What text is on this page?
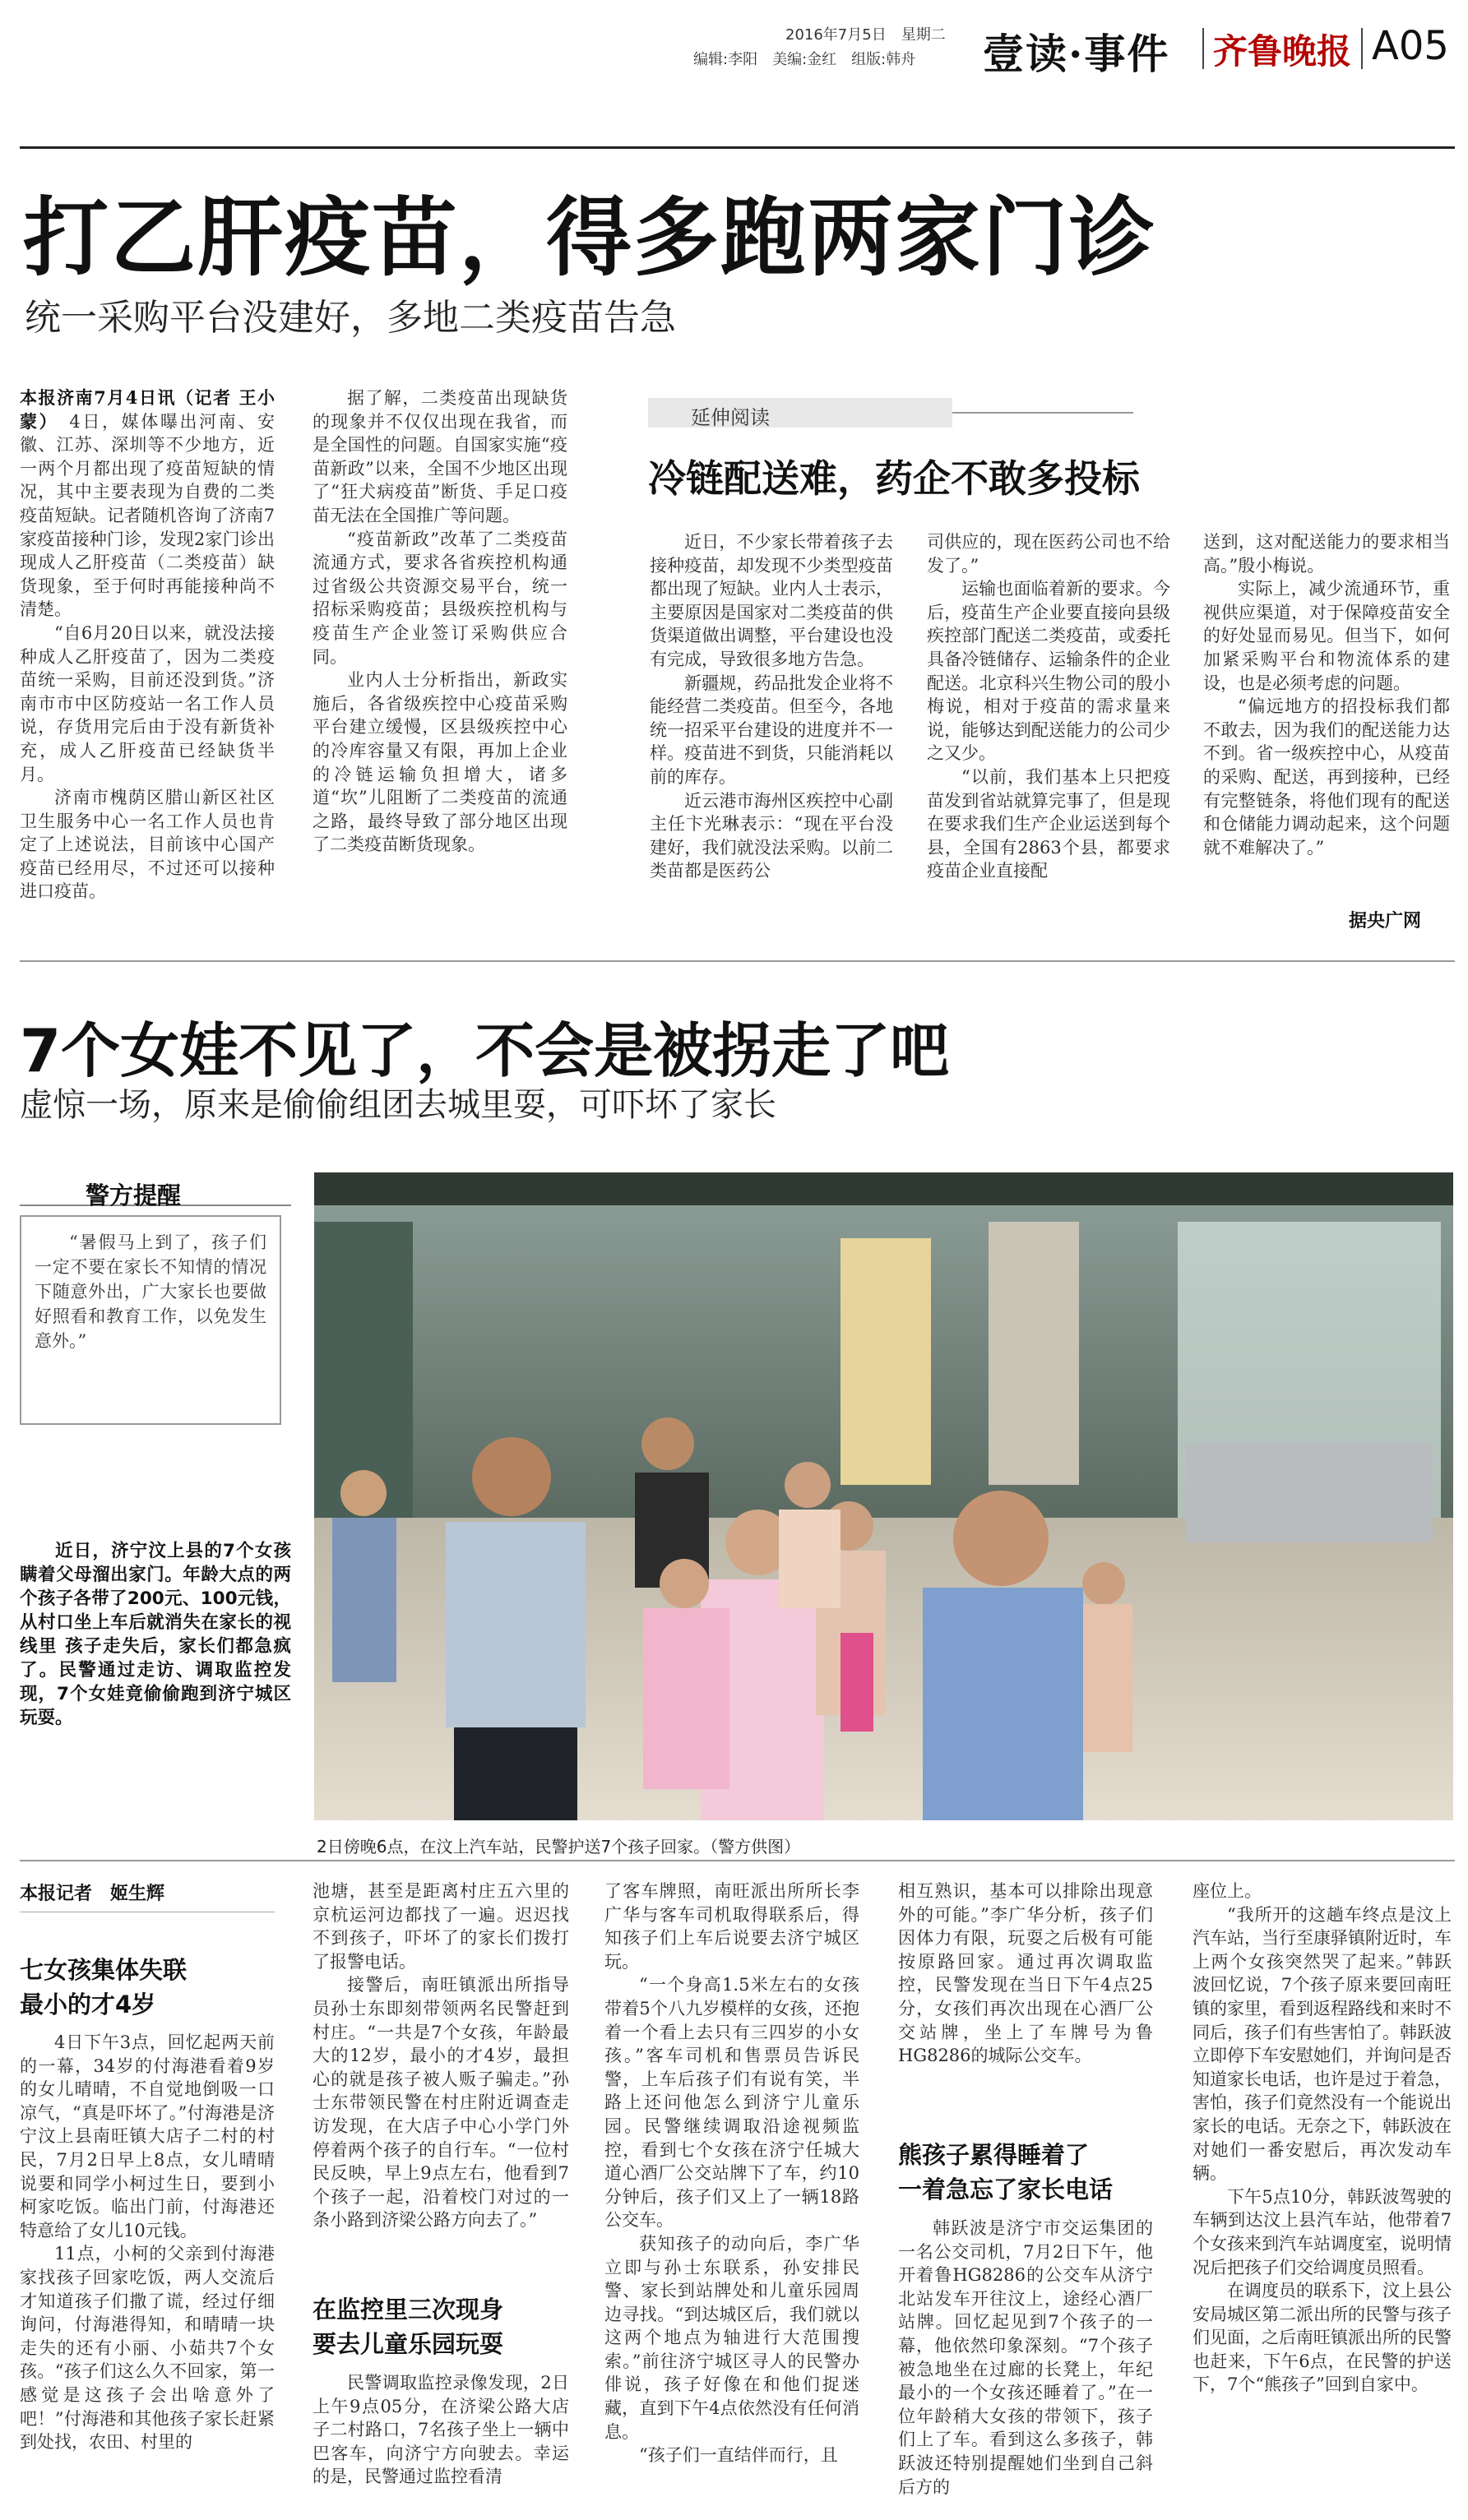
2016年7月5日　 星期二
编辑:李阳　美编:金红　组版:韩舟 壹读·事件 齐鲁晚报 A05
打乙肝疫苗，得多跑两家门诊
统一采购平台没建好，多地二类疫苗告急

本报济南7月4日讯（记者 王小蒙）　 4日，媒体曝出河南、安徽、江苏、深圳等不少地方，近一两个月都出现了疫苗短缺的情况，其中主要表现为自费的二类疫苗短缺。记者随机咨询了济南7家疫苗接种门诊，发现2家门诊出现成人乙肝疫苗（二类疫苗）缺货现象，至于何时再能接种尚不清楚。

“自6月20日以来，就没法接种成人乙肝疫苗了，因为二类疫苗统一采购，目前还没到货。”济南市市中区防疫站一名工作人员说，存货用完后由于没有新货补充，成人乙肝疫苗已经缺货半月。

济南市槐荫区腊山新区社区卫生服务中心一名工作人员也肯定了上述说法，目前该中心国产疫苗已经用尽，不过还可以接种进口疫苗。

据了解，二类疫苗出现缺货的现象并不仅仅出现在我省，而是全国性的问题。自国家实施“疫苗新政”以来，全国不少地区出现了“狂犬病疫苗”断货、手足口疫苗无法在全国推广等问题。

“疫苗新政”改革了二类疫苗流通方式，要求各省疾控机构通过省级公共资源交易平台，统一招标采购疫苗；县级疾控机构与疫苗生产企业签订采购供应合同。

业内人士分析指出，新政实施后，各省级疾控中心疫苗采购平台建立缓慢，区县级疾控中心的冷库容量又有限，再加上企业的冷链运输负担增大，诸多道“坎”儿阻断了二类疫苗的流通之路，最终导致了部分地区出现了二类疫苗断货现象。

延伸阅读
冷链配送难，药企不敢多投标

近日，不少家长带着孩子去接种疫苗，却发现不少类型疫苗都出现了短缺。业内人士表示，主要原因是国家对二类疫苗的供货渠道做出调整，平台建设也没有完成，导致很多地方告急。

新疆规，药品批发企业将不能经营二类疫苗。但至今，各地统一招采平台建设的进度并不一样。疫苗进不到货，只能消耗以前的库存。

近云港市海州区疾控中心副主任卞光琳表示：“现在平台没建好，我们就没法采购。以前二类苗都是医药公

司供应的，现在医药公司也不给发了。”

运输也面临着新的要求。今后，疫苗生产企业要直接向县级疾控部门配送二类疫苗，或委托具备冷链储存、运输条件的企业配送。北京科兴生物公司的殷小梅说，相对于疫苗的需求量来说，能够达到配送能力的公司少之又少。

“以前，我们基本上只把疫苗发到省站就算完事了，但是现在要求我们生产企业运送到每个县，全国有2863个县，都要求疫苗企业直接配

送到，这对配送能力的要求相当高。”殷小梅说。

实际上，减少流通环节，重视供应渠道，对于保障疫苗安全的好处显而易见。但当下，如何加紧采购平台和物流体系的建设，也是必须考虑的问题。

“偏远地方的招投标我们都不敢去，因为我们的配送能力达不到。省一级疾控中心，从疫苗的采购、配送，再到接种，已经有完整链条，将他们现有的配送和仓储能力调动起来，这个问题就不难解决了。”

据央广网
7个女娃不见了，不会是被拐走了吧
虚惊一场，原来是偷偷组团去城里耍，可吓坏了家长
警方提醒

“暑假马上到了，孩子们一定不要在家长不知情的情况下随意外出，广大家长也要做好照看和教育工作，以免发生意外。”

近日，济宁汶上县的7个女孩瞒着父母溜出家门。年龄大点的两个孩子各带了200元、100元钱，从村口坐上车后就消失在家长的视线里 孩子走失后，家长们都急疯了。民警通过走访、调取监控发现，7个女娃竟偷偷跑到济宁城区玩耍。

2日傍晚6点，在汶上汽车站，民警护送7个孩子回家。（警方供图）
本报记者　姬生辉
七女孩集体失联
最小的才4岁

4日下午3点，回忆起两天前的一幕，34岁的付海港看着9岁的女儿晴晴，不自觉地倒吸一口凉气，“真是吓坏了。”付海港是济宁汶上县南旺镇大店子二村的村民，7月2日早上8点，女儿晴晴说要和同学小柯过生日，要到小柯家吃饭。临出门前，付海港还特意给了女儿10元钱。

11点，小柯的父亲到付海港家找孩子回家吃饭，两人交流后才知道孩子们撒了谎，经过仔细询问，付海港得知，和晴晴一块走失的还有小丽、小茹共7个女孩。“孩子们这么久不回家，第一感觉是这孩子会出啥意外了吧！”付海港和其他孩子家长赶紧到处找，农田、村里的

池塘，甚至是距离村庄五六里的京杭运河边都找了一遍。迟迟找不到孩子，吓坏了的家长们拨打了报警电话。

接警后，南旺镇派出所指导员孙士东即刻带领两名民警赶到村庄。“一共是7个女孩，年龄最大的12岁，最小的才4岁，最担心的就是孩子被人贩子骗走。”孙士东带领民警在村庄附近调查走访发现，在大店子中心小学门外停着两个孩子的自行车。“一位村民反映，早上9点左右，他看到7个孩子一起，沿着校门对过的一条小路到济梁公路方向去了。”

在监控里三次现身
要去儿童乐园玩耍

民警调取监控录像发现，2日上午9点05分，在济梁公路大店子二村路口，7名孩子坐上一辆中巴客车，向济宁方向驶去。幸运的是，民警通过监控看清

了客车牌照，南旺派出所所长李广华与客车司机取得联系后，得知孩子们上车后说要去济宁城区玩。

“一个身高1.5米左右的女孩带着5个八九岁模样的女孩，还抱着一个看上去只有三四岁的小女孩。”客车司机和售票员告诉民警，上车后孩子们有说有笑，半路上还问他怎么到济宁儿童乐园。民警继续调取沿途视频监控，看到七个女孩在济宁任城大道心酒厂公交站牌下了车，约10分钟后，孩子们又上了一辆18路公交车。

获知孩子的动向后，李广华立即与孙士东联系，孙安排民警、家长到站牌处和儿童乐园周边寻找。“到达城区后，我们就以这两个地点为轴进行大范围搜索。”前往济宁城区寻人的民警办俳说，孩子好像在和他们捉迷藏，直到下午4点依然没有任何消息。

“孩子们一直结伴而行，且

相互熟识，基本可以排除出现意外的可能。”李广华分析，孩子们因体力有限，玩耍之后极有可能按原路回家。通过再次调取监控，民警发现在当日下午4点25分，女孩们再次出现在心酒厂公交站牌，坐上了车牌号为鲁HG8286的城际公交车。

熊孩子累得睡着了
一着急忘了家长电话

韩跃波是济宁市交运集团的一名公交司机，7月2日下午，他开着鲁HG8286的公交车从济宁北站发车开往汶上，途经心酒厂站牌。回忆起见到7个孩子的一幕，他依然印象深刻。“7个孩子被急地坐在过廊的长凳上，年纪最小的一个女孩还睡着了。”在一位年龄稍大女孩的带领下，孩子们上了车。看到这么多孩子，韩跃波还特别提醒她们坐到自己斜后方的

座位上。

“我所开的这趟车终点是汶上汽车站，当行至康驿镇附近时，车上两个女孩突然哭了起来。”韩跃波回忆说，7个孩子原来要回南旺镇的家里，看到返程路线和来时不同后，孩子们有些害怕了。韩跃波立即停下车安慰她们，并询问是否知道家长电话，也许是过于着急，害怕，孩子们竟然没有一个能说出家长的电话。无奈之下，韩跃波在对她们一番安慰后，再次发动车辆。

下午5点10分，韩跃波驾驶的车辆到达汶上县汽车站，他带着7个女孩来到汽车站调度室，说明情况后把孩子们交给调度员照看。

在调度员的联系下，汶上县公安局城区第二派出所的民警与孩子们见面，之后南旺镇派出所的民警也赶来，下午6点，在民警的护送下，7个“熊孩子”回到自家中。
